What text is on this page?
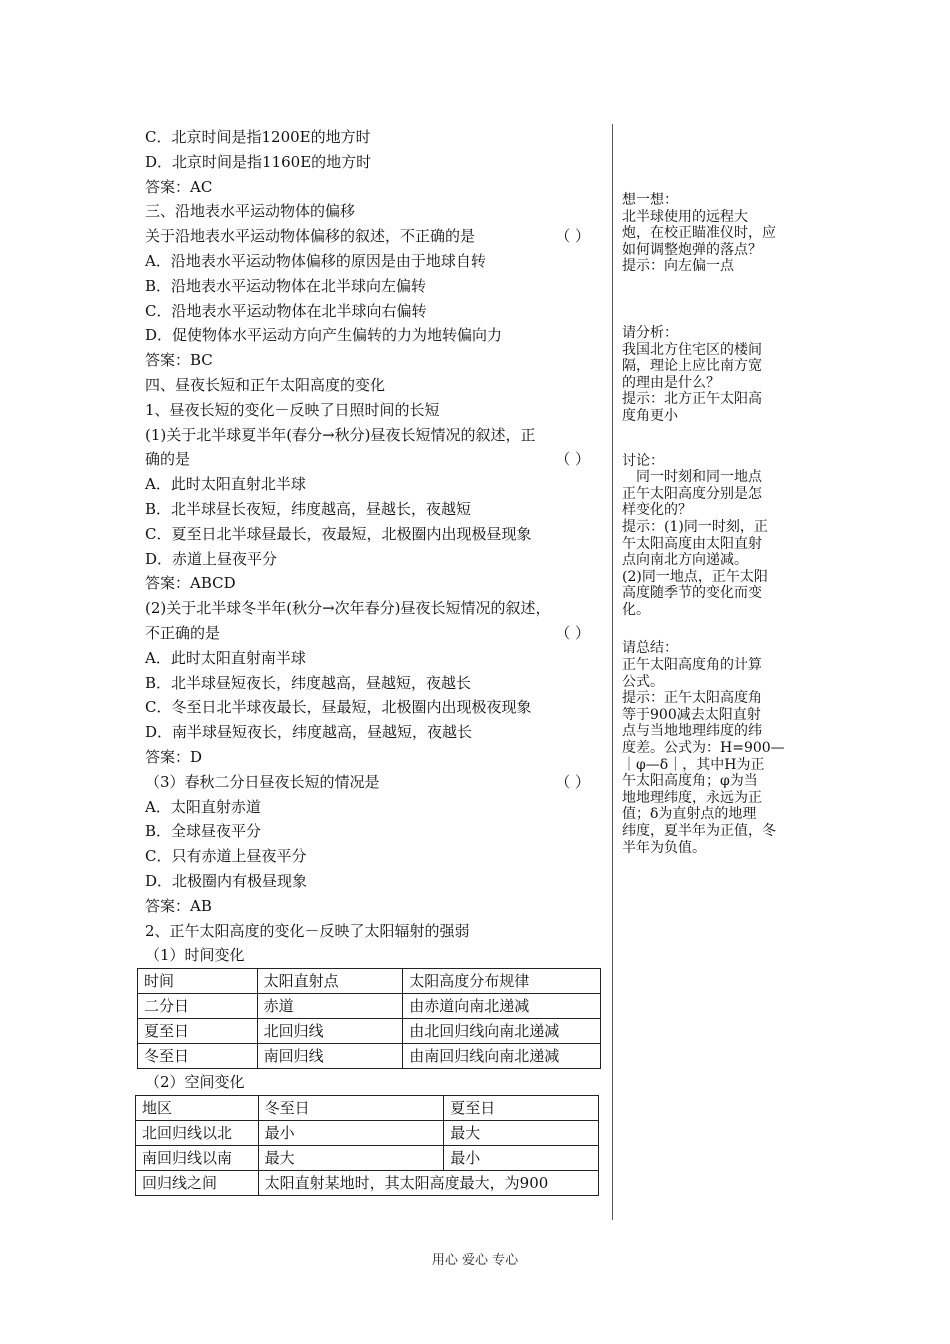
C．北京时间是指1200E的地方时
D．北京时间是指1160E的地方时
答案：AC
三、沿地表水平运动物体的偏移
关于沿地表水平运动物体偏移的叙述，不正确的是	（ ）
A．沿地表水平运动物体偏移的原因是由于地球自转
B．沿地表水平运动物体在北半球向左偏转
C．沿地表水平运动物体在北半球向右偏转
D．促使物体水平运动方向产生偏转的力为地转偏向力
答案：BC
四、昼夜长短和正午太阳高度的变化
1、昼夜长短的变化－反映了日照时间的长短
(1)关于北半球夏半年(春分→秋分)昼夜长短情况的叙述，正
确的是	（ ）
A．此时太阳直射北半球
B．北半球昼长夜短，纬度越高，昼越长，夜越短
C．夏至日北半球昼最长，夜最短，北极圈内出现极昼现象
D．赤道上昼夜平分
答案：ABCD
(2)关于北半球冬半年(秋分→次年春分)昼夜长短情况的叙述，
不正确的是	（ ）
A．此时太阳直射南半球
B．北半球昼短夜长，纬度越高，昼越短，夜越长
C．冬至日北半球夜最长，昼最短，北极圈内出现极夜现象
D．南半球昼短夜长，纬度越高，昼越短，夜越长
答案：D
（3）春秋二分日昼夜长短的情况是	（ ）
A．太阳直射赤道
B．全球昼夜平分
C．只有赤道上昼夜平分
D．北极圈内有极昼现象
答案：AB
2、正午太阳高度的变化－反映了太阳辐射的强弱
（1）时间变化
时间	太阳直射点	太阳高度分布规律
二分日	赤道	由赤道向南北递减
夏至日	北回归线	由北回归线向南北递减
冬至日	南回归线	由南回归线向南北递减
（2）空间变化
地区	冬至日	夏至日
北回归线以北	最小	最大
南回归线以南	最大	最小
回归线之间	太阳直射某地时，其太阳高度最大，为900	
想一想：
北半球使用的远程大
炮，在校正瞄准仪时，应
如何调整炮弹的落点？
提示：向左偏一点
请分析：
我国北方住宅区的楼间
隔，理论上应比南方宽
的理由是什么？
提示：北方正午太阳高
度角更小
讨论：
　同一时刻和同一地点
正午太阳高度分别是怎
样变化的？
提示：(1)同一时刻，正
午太阳高度由太阳直射
点向南北方向递减。
(2)同一地点，正午太阳
高度随季节的变化而变
化。
请总结：
正午太阳高度角的计算
公式。
提示：正午太阳高度角
等于900减去太阳直射
点与当地地理纬度的纬
度差。公式为：H=900—
｜φ—δ｜，其中H为正
午太阳高度角；φ为当
地地理纬度，永远为正
值；δ为直射点的地理
纬度，夏半年为正值，冬
半年为负值。
用心 爱心 专心
